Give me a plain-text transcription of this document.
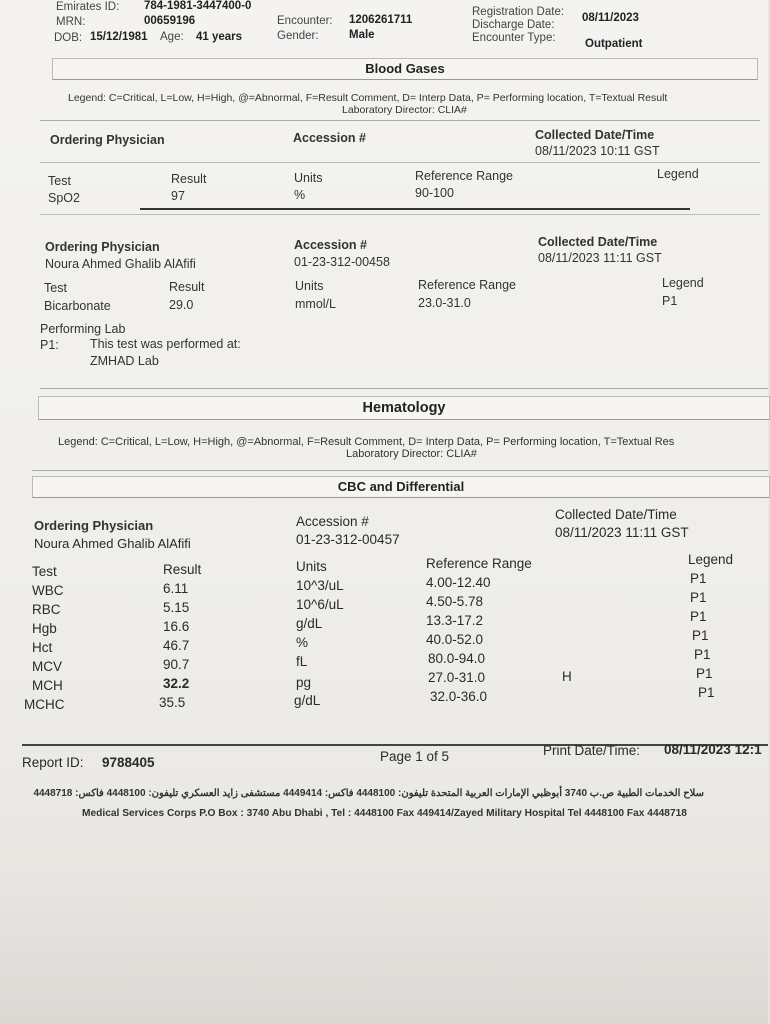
Emirates ID: 784-1981-3447400-0
MRN:	00659196
DOB: 15/12/1981 Age: 41 years
Encounter: 1206261711
Gender:	Male
Registration Date: 08/11/2023
Discharge Date:
Encounter Type:	Outpatient
Blood Gases
Legend: C=Critical, L=Low, H=High, @=Abnormal, F=Result Comment, D= Interp Data, P= Performing location, T=Textual Result
Laboratory Director: CLIA#
Ordering Physician	Accession #	Collected Date/Time
08/11/2023 10:11 GST
Test	Result	Units	Reference Range	Legend
SpO2	97	%	90-100
Ordering Physician
Noura Ahmed Ghalib AlAfifi
Accession #
01-23-312-00458
Collected Date/Time
08/11/2023 11:11 GST
Test	Result	Units	Reference Range	Legend
Bicarbonate	29.0	mmol/L	23.0-31.0	P1
Performing Lab
P1: This test was performed at:
ZMHAD Lab
Hematology
Legend: C=Critical, L=Low, H=High, @=Abnormal, F=Result Comment, D= Interp Data, P= Performing location, T=Textual Res
Laboratory Director: CLIA#
CBC and Differential
Ordering Physician
Noura Ahmed Ghalib AlAfifi
Accession #
01-23-312-00457
Collected Date/Time
08/11/2023 11:11 GST
Test	Result	Units	Reference Range	Legend
WBC	6.11	10^3/uL	4.00-12.40	P1
RBC	5.15	10^6/uL	4.50-5.78	P1
Hgb	16.6	g/dL	13.3-17.2	P1
Hct	46.7	%	40.0-52.0	P1
MCV	90.7	fL	80.0-94.0	P1
MCH	32.2	pg	27.0-31.0	H	P1
MCHC	35.5	g/dL	32.0-36.0	P1
Report ID: 9788405	Page 1 of 5	Print Date/Time: 08/11/2023 12:1
سلاح الخدمات الطبية ص.ب 3740 أبوظبي الإمارات العربية المتحدة تليفون: 4448100 فاكس: 4449414 مستشفى زايد العسكري تليفون: 4448100 فاكس: 4448718
Medical Services Corps P.O Box : 3740 Abu Dhabi , Tel : 4448100 Fax 449414/Zayed Military Hospital Tel 4448100 Fax 4448718
